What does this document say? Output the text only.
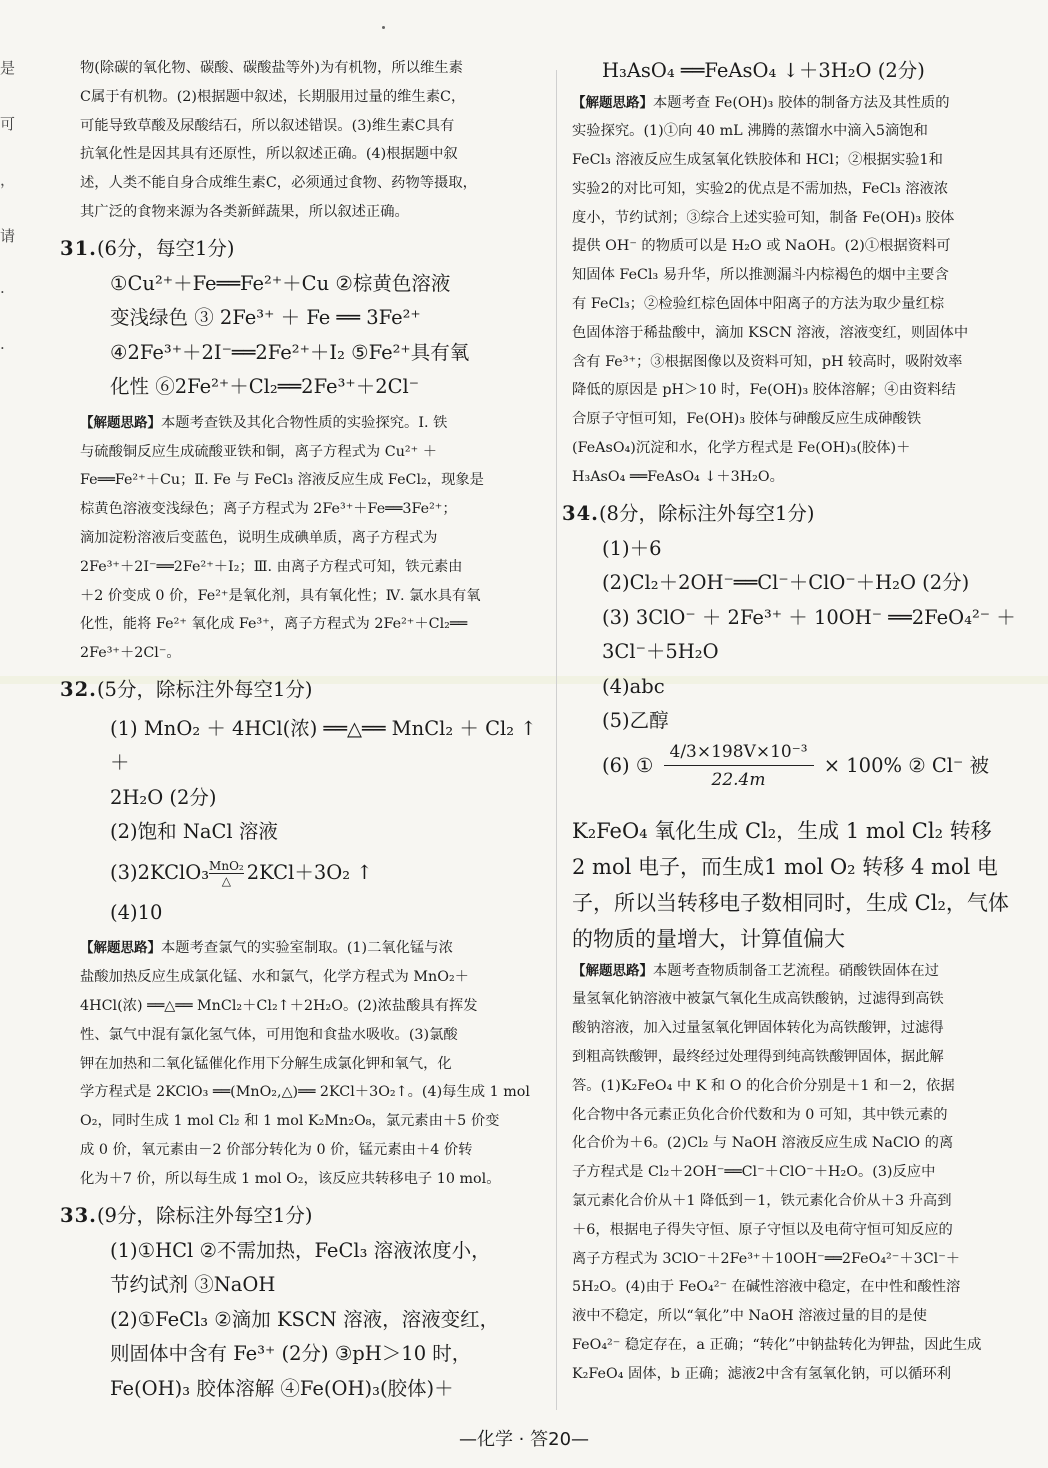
是
可
，
请
·
·

物(除碳的氧化物、碳酸、碳酸盐等外)为有机物，所以维生素

C属于有机物。(2)根据题中叙述，长期服用过量的维生素C，

可能导致草酸及尿酸结石，所以叙述错误。(3)维生素C具有

抗氧化性是因其具有还原性，所以叙述正确。(4)根据题中叙

述，人类不能自身合成维生素C，必须通过食物、药物等摄取，

其广泛的食物来源为各类新鲜蔬果，所以叙述正确。

31.(6分，每空1分)

①Cu²⁺＋Fe══Fe²⁺＋Cu ②棕黄色溶液

变浅绿色 ③ 2Fe³⁺ ＋ Fe ══ 3Fe²⁺

④2Fe³⁺＋2I⁻══2Fe²⁺＋I₂ ⑤Fe²⁺具有氧

化性 ⑥2Fe²⁺＋Cl₂══2Fe³⁺＋2Cl⁻

【解题思路】本题考查铁及其化合物性质的实验探究。Ⅰ. 铁

与硫酸铜反应生成硫酸亚铁和铜，离子方程式为 Cu²⁺ ＋

Fe══Fe²⁺＋Cu；Ⅱ. Fe 与 FeCl₃ 溶液反应生成 FeCl₂，现象是

棕黄色溶液变浅绿色；离子方程式为 2Fe³⁺＋Fe══3Fe²⁺；

滴加淀粉溶液后变蓝色，说明生成碘单质，离子方程式为

2Fe³⁺＋2I⁻══2Fe²⁺＋I₂；Ⅲ. 由离子方程式可知，铁元素由

＋2 价变成 0 价，Fe²⁺是氧化剂，具有氧化性；Ⅳ. 氯水具有氧

化性，能将 Fe²⁺ 氧化成 Fe³⁺，离子方程式为 2Fe²⁺＋Cl₂══

2Fe³⁺＋2Cl⁻。

32.(5分，除标注外每空1分)

(1) MnO₂ ＋ 4HCl(浓) ══△══ MnCl₂ ＋ Cl₂ ↑ ＋

2H₂O (2分)

(2)饱和 NaCl 溶液

(3)2KClO₃ $\frac{\text{MnO₂}}{\triangle} 2KCl+3O_2$ ↑

(4)10

【解题思路】本题考查氯气的实验室制取。(1)二氧化锰与浓

盐酸加热反应生成氯化锰、水和氯气，化学方程式为 MnO₂＋

4HCl(浓) ══△══ MnCl₂＋Cl₂↑＋2H₂O。(2)浓盐酸具有挥发

性、氯气中混有氯化氢气体，可用饱和食盐水吸收。(3)氯酸

钾在加热和二氧化锰催化作用下分解生成氯化钾和氧气，化

学方程式是 2KClO₃ ══(MnO₂,△)══ 2KCl＋3O₂↑。(4)每生成 1 mol

O₂，同时生成 1 mol Cl₂ 和 1 mol K₂Mn₂O₈，氯元素由＋5 价变

成 0 价，氧元素由－2 价部分转化为 0 价，锰元素由＋4 价转

化为＋7 价，所以每生成 1 mol O₂，该反应共转移电子 10 mol。

33.(9分，除标注外每空1分)

(1)①HCl ②不需加热，FeCl₃ 溶液浓度小，

节约试剂 ③NaOH

(2)①FeCl₃ ②滴加 KSCN 溶液，溶液变红，

则固体中含有 Fe³⁺ (2分) ③pH＞10 时，

Fe(OH)₃ 胶体溶解 ④Fe(OH)₃(胶体)＋

H₃AsO₄ ══FeAsO₄ ↓＋3H₂O (2分)

【解题思路】本题考查 Fe(OH)₃ 胶体的制备方法及其性质的

实验探究。(1)①向 40 mL 沸腾的蒸馏水中滴入5滴饱和

FeCl₃ 溶液反应生成氢氧化铁胶体和 HCl；②根据实验1和

实验2的对比可知，实验2的优点是不需加热，FeCl₃ 溶液浓

度小，节约试剂；③综合上述实验可知，制备 Fe(OH)₃ 胶体

提供 OH⁻ 的物质可以是 H₂O 或 NaOH。(2)①根据资料可

知固体 FeCl₃ 易升华，所以推测漏斗内棕褐色的烟中主要含

有 FeCl₃；②检验红棕色固体中阳离子的方法为取少量红棕

色固体溶于稀盐酸中，滴加 KSCN 溶液，溶液变红，则固体中

含有 Fe³⁺；③根据图像以及资料可知，pH 较高时，吸附效率

降低的原因是 pH＞10 时，Fe(OH)₃ 胶体溶解；④由资料结

合原子守恒可知，Fe(OH)₃ 胶体与砷酸反应生成砷酸铁

(FeAsO₄)沉淀和水，化学方程式是 Fe(OH)₃(胶体)＋

H₃AsO₄ ══FeAsO₄ ↓＋3H₂O。

34.(8分，除标注外每空1分)

(1)＋6

(2)Cl₂＋2OH⁻══Cl⁻＋ClO⁻＋H₂O (2分)

(3) 3ClO⁻ ＋ 2Fe³⁺ ＋ 10OH⁻ ══2FeO₄²⁻ ＋

3Cl⁻＋5H₂O

(4)abc

(5)乙醇

(6) ① $\frac{\text{4/3×198V×10⁻³}}{22.4m} \times 100\%$ ② Cl⁻ 被

K₂FeO₄ 氧化生成 Cl₂，生成 1 mol Cl₂ 转移

2 mol 电子，而生成1 mol O₂ 转移 4 mol 电

子，所以当转移电子数相同时，生成 Cl₂，气体

的物质的量增大，计算值偏大

【解题思路】本题考查物质制备工艺流程。硝酸铁固体在过

量氢氧化钠溶液中被氯气氧化生成高铁酸钠，过滤得到高铁

酸钠溶液，加入过量氢氧化钾固体转化为高铁酸钾，过滤得

到粗高铁酸钾，最终经过处理得到纯高铁酸钾固体，据此解

答。(1)K₂FeO₄ 中 K 和 O 的化合价分别是＋1 和－2，依据

化合物中各元素正负化合价代数和为 0 可知，其中铁元素的

化合价为＋6。(2)Cl₂ 与 NaOH 溶液反应生成 NaClO 的离

子方程式是 Cl₂＋2OH⁻══Cl⁻＋ClO⁻＋H₂O。(3)反应中

氯元素化合价从＋1 降低到－1，铁元素化合价从＋3 升高到

＋6，根据电子得失守恒、原子守恒以及电荷守恒可知反应的

离子方程式为 3ClO⁻＋2Fe³⁺＋10OH⁻══2FeO₄²⁻＋3Cl⁻＋

5H₂O。(4)由于 FeO₄²⁻ 在碱性溶液中稳定，在中性和酸性溶

液中不稳定，所以“氧化”中 NaOH 溶液过量的目的是使

FeO₄²⁻ 稳定存在，a 正确；“转化”中钠盐转化为钾盐，因此生成

K₂FeO₄ 固体，b 正确；滤液2中含有氢氧化钠，可以循环利

—化学 · 答20—
